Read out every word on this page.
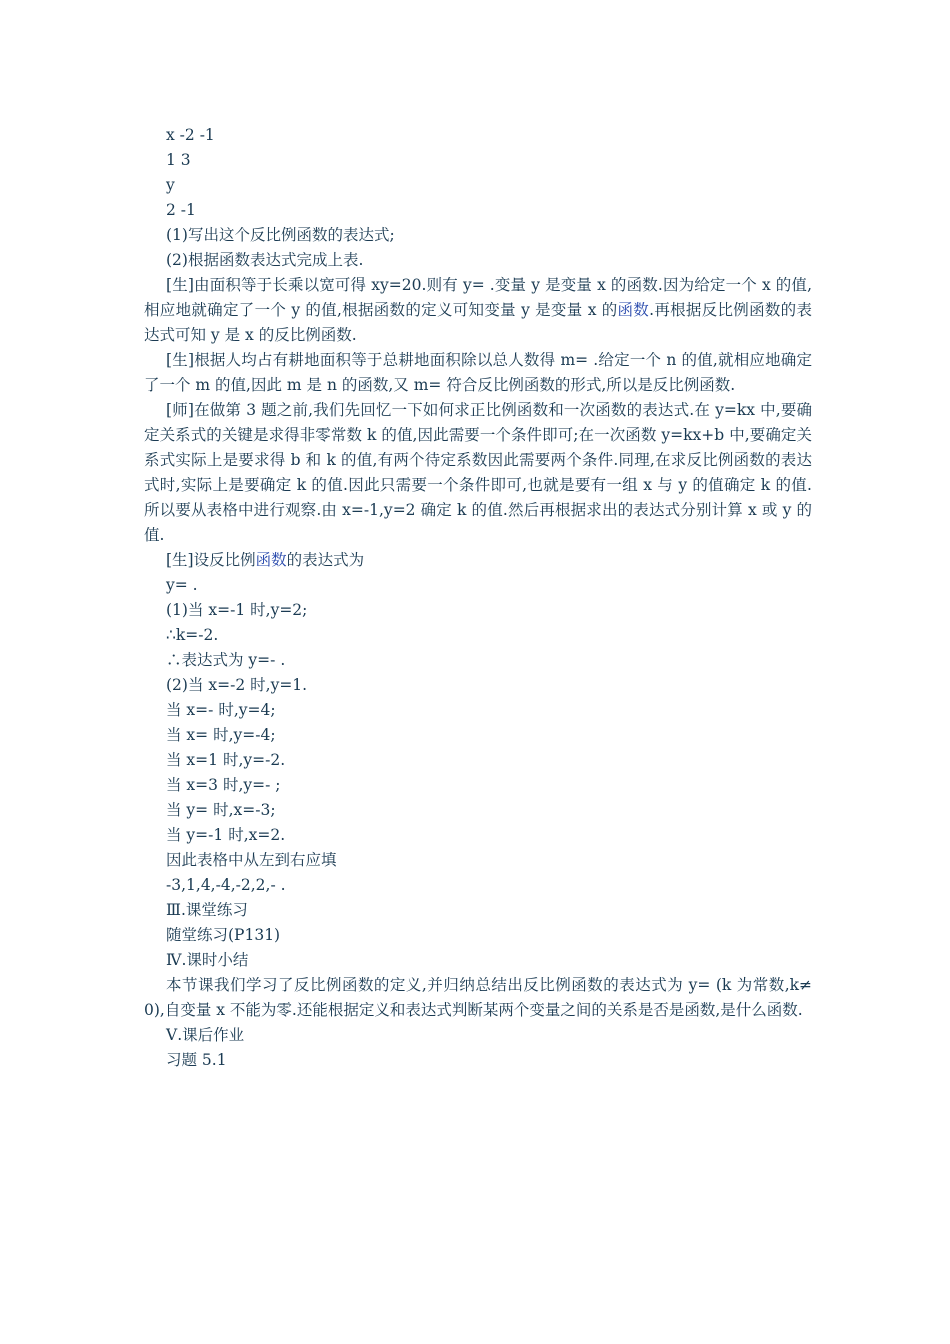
x -2 -1
1 3
y
2 -1
(1)写出这个反比例函数的表达式;
(2)根据函数表达式完成上表.
[生]由面积等于长乘以宽可得 xy=20.则有 y= .变量 y 是变量 x 的函数.因为给定一个 x 的值,相应地就确定了一个 y 的值,根据函数的定义可知变量 y 是变量 x 的函数.再根据反比例函数的表达式可知 y 是 x 的反比例函数.
[生]根据人均占有耕地面积等于总耕地面积除以总人数得 m= .给定一个 n 的值,就相应地确定了一个 m 的值,因此 m 是 n 的函数,又 m= 符合反比例函数的形式,所以是反比例函数.
[师]在做第 3 题之前,我们先回忆一下如何求正比例函数和一次函数的表达式.在 y=kx 中,要确定关系式的关键是求得非零常数 k 的值,因此需要一个条件即可;在一次函数 y=kx+b 中,要确定关系式实际上是要求得 b 和 k 的值,有两个待定系数因此需要两个条件.同理,在求反比例函数的表达式时,实际上是要确定 k 的值.因此只需要一个条件即可,也就是要有一组 x 与 y 的值确定 k 的值.所以要从表格中进行观察.由 x=-1,y=2 确定 k 的值.然后再根据求出的表达式分别计算 x 或 y 的值.
[生]设反比例函数的表达式为
y= .
(1)当 x=-1 时,y=2;
∴k=-2.
∴表达式为 y=- .
(2)当 x=-2 时,y=1.
当 x=- 时,y=4;
当 x= 时,y=-4;
当 x=1 时,y=-2.
当 x=3 时,y=- ;
当 y= 时,x=-3;
当 y=-1 时,x=2.
因此表格中从左到右应填
-3,1,4,-4,-2,2,- .
Ⅲ.课堂练习
随堂练习(P131)
Ⅳ.课时小结
本节课我们学习了反比例函数的定义,并归纳总结出反比例函数的表达式为 y= (k 为常数,k≠0),自变量 x 不能为零.还能根据定义和表达式判断某两个变量之间的关系是否是函数,是什么函数.
Ⅴ.课后作业
习题 5.1
